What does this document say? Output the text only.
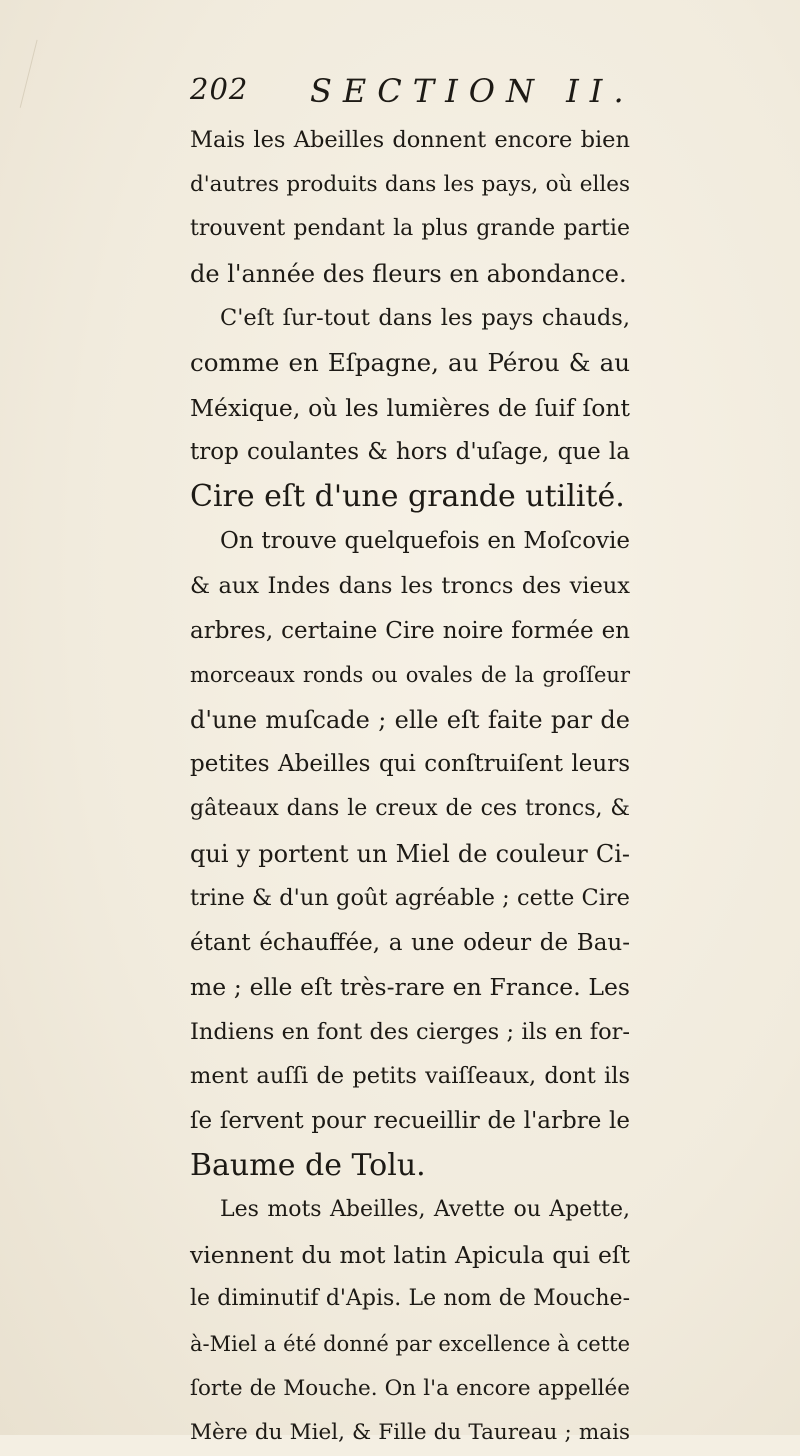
202 SECTION II.
Mais les Abeilles donnent encore bien
d'autres produits dans les pays, où elles
trouvent pendant la plus grande partie
de l'année des fleurs en abondance.
C'eſt ſur-tout dans les pays chauds,
comme en Eſpagne, au Pérou & au
Méxique, où les lumières de ſuif ſont
trop coulantes & hors d'uſage, que la
Cire eſt d'une grande utilité.
On trouve quelquefois en Moſcovie
& aux Indes dans les troncs des vieux
arbres, certaine Cire noire formée en
morceaux ronds ou ovales de la groſſeur
d'une muſcade ; elle eſt faite par de
petites Abeilles qui conſtruiſent leurs
gâteaux dans le creux de ces troncs, &
qui y portent un Miel de couleur Ci-
trine & d'un goût agréable ; cette Cire
étant échauffée, a une odeur de Bau-
me ; elle eſt très-rare en France. Les
Indiens en font des cierges ; ils en for-
ment auſſi de petits vaiſſeaux, dont ils
ſe ſervent pour recueillir de l'arbre le
Baume de Tolu.
Les mots Abeilles, Avette ou Apette,
viennent du mot latin Apicula qui eſt
le diminutif d'Apis. Le nom de Mouche-
à-Miel a été donné par excellence à cette
ſorte de Mouche. On l'a encore appellée
Mère du Miel, & Fille du Taureau ; mais
